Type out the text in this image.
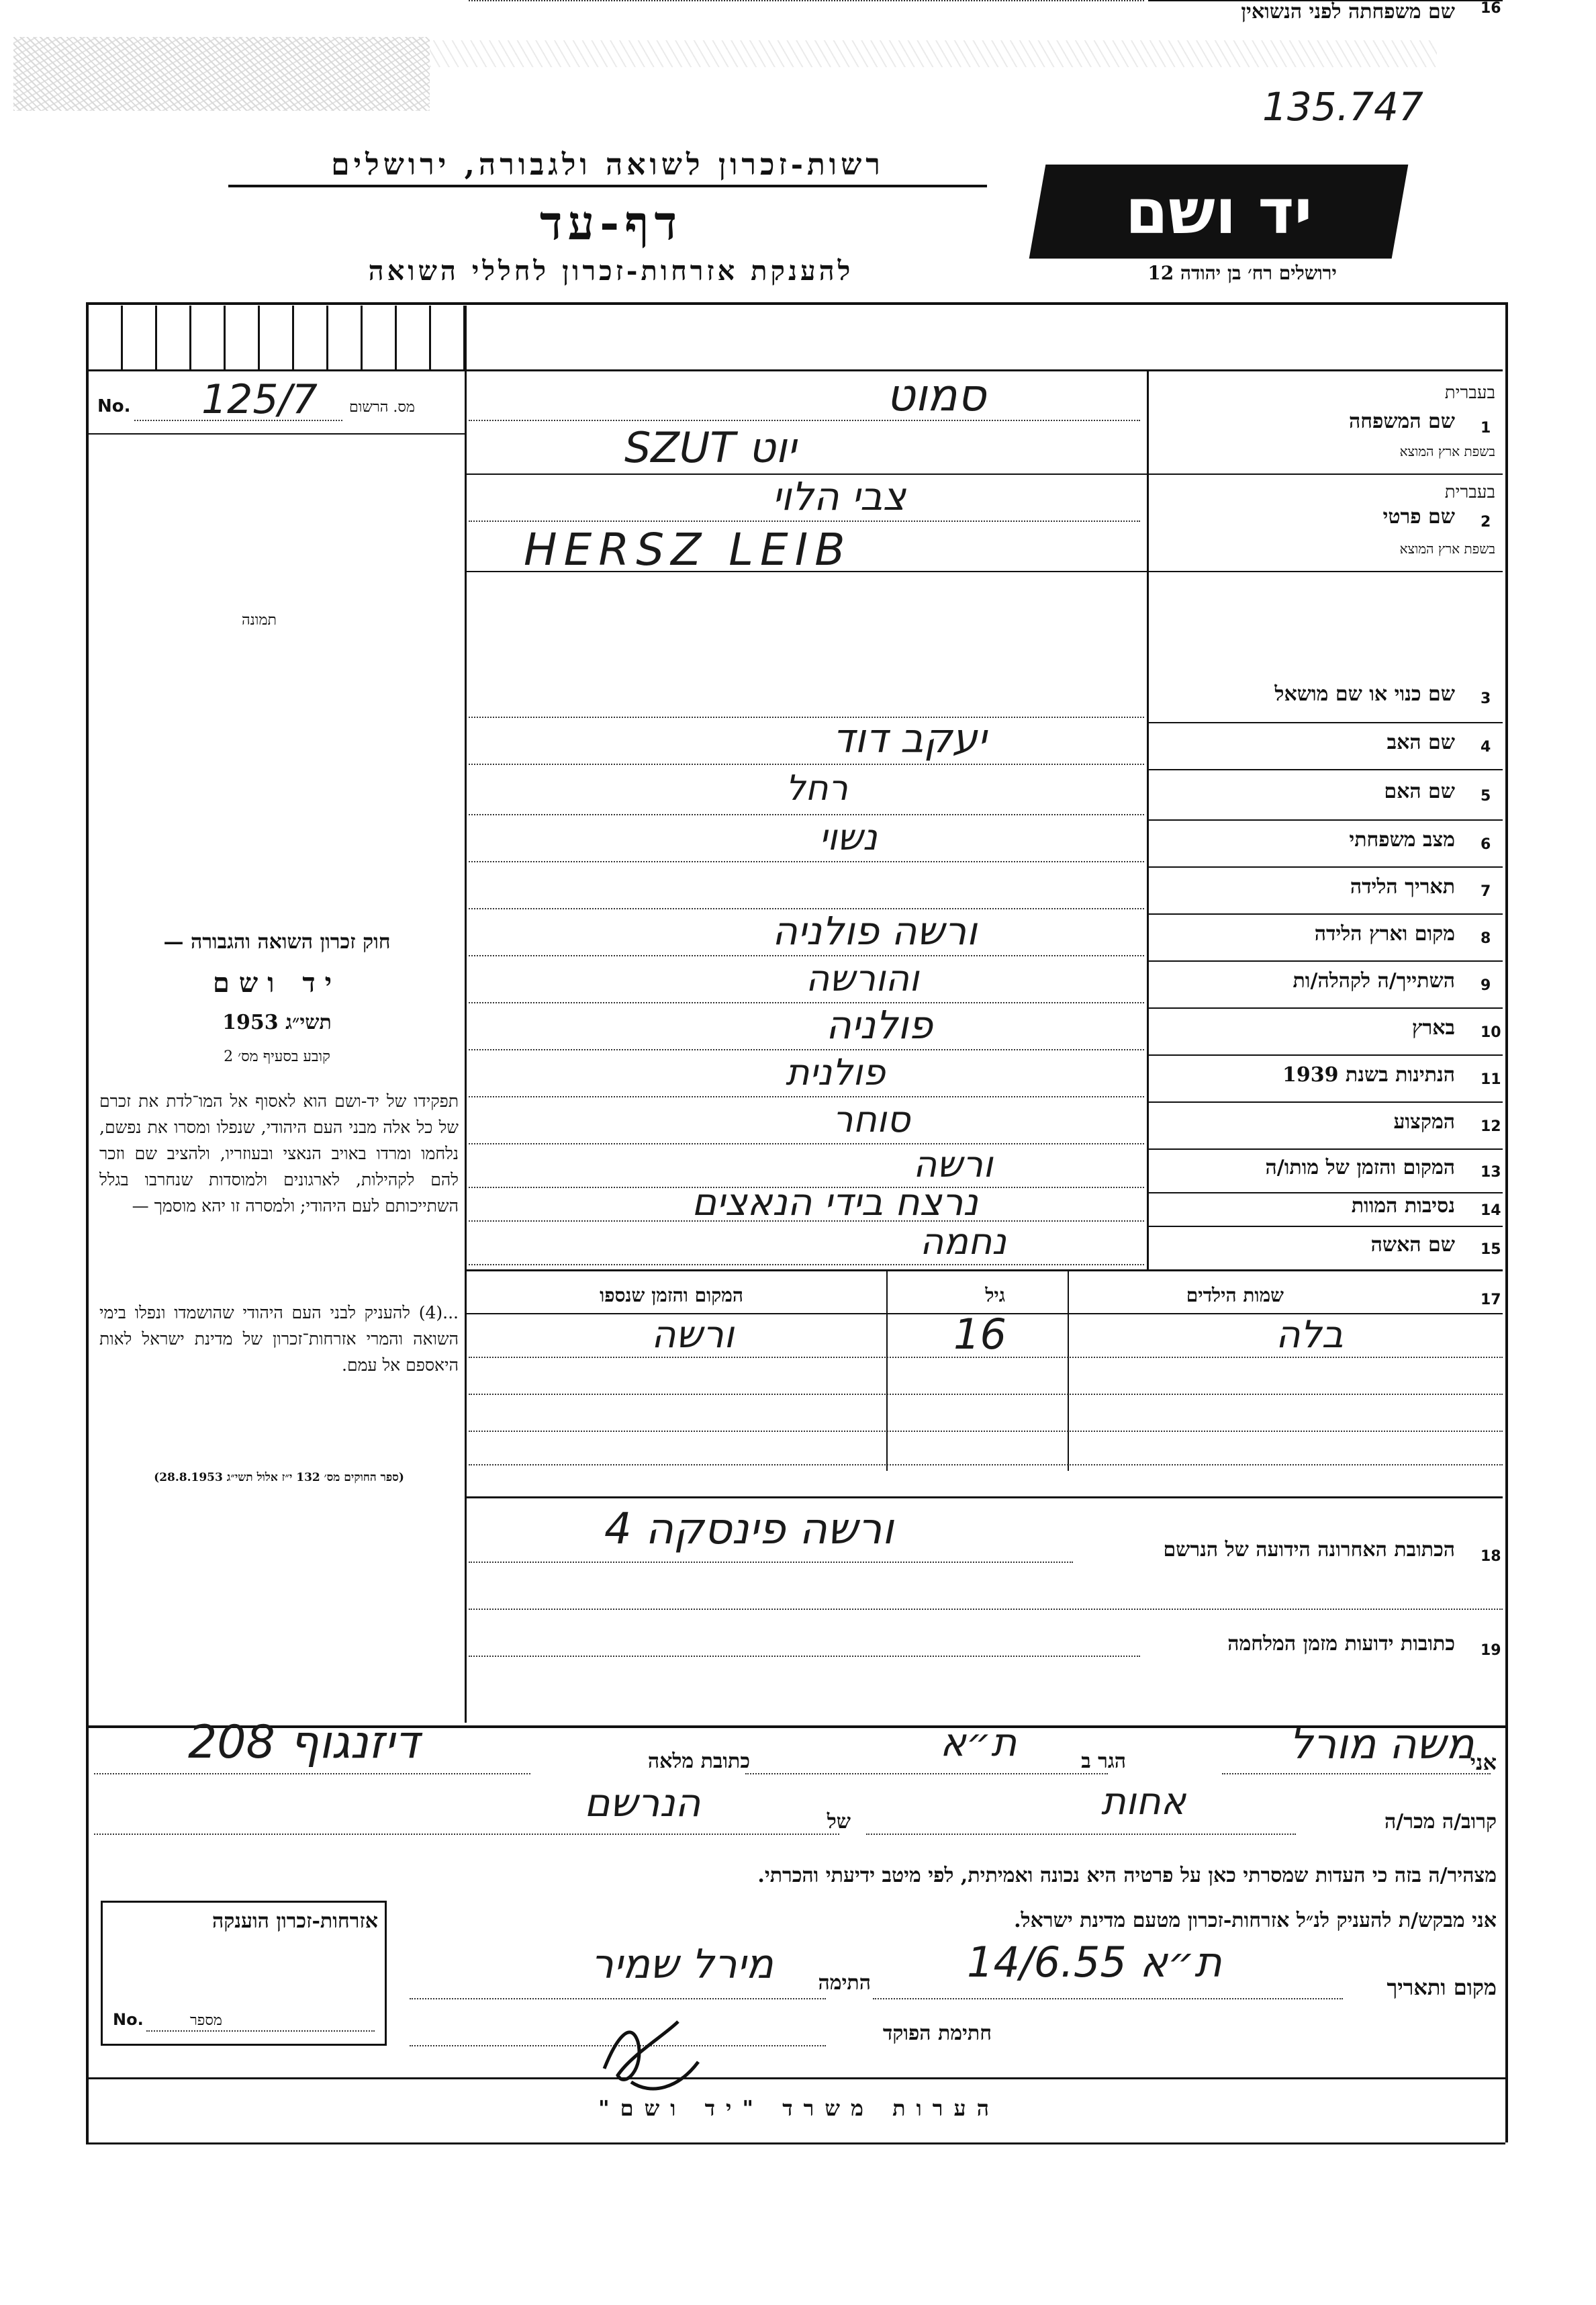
135.747
רשות-זכרון לשואה ולגבורה, ירושלים
דף-עד
להענקת אזרחות-זכרון לחללי השואה
יד ושם
ירושלים רח׳ בן יהודה 12
No.	מס. הרשום
125/7
תמונה
חוק זכרון השואה והגבורה —
יד ושם
תשי״ג 1953
קובע בסעיף מס׳ 2
תפקידו של יד-ושם הוא לאסוף אל המו־לדת את זכרם של כל אלה מבני העם היהודי, שנפלו ומסרו את נפשם, נלחמו ומרדו באויב הנאצי ובעוזריו, ולהציב שם וזכר להם לקהילות, לארגונים ולמוסדות שנחרבו בגלל השתייכותם לעם היהודי; ולמסרה זו יהא מוסמך —
...(4) להעניק לבני העם היהודי שהושמדו ונפלו בימי השואה והמרי אזרחות־זכרון של מדינת ישראל לאות היאספם אל עמם.
(ספר החוקים מס׳ 132 י״ז אלול תשי״ג 28.8.1953)
1
שם המשפחה
בעברית
בשפת ארץ המוצא
סמוט
SZUT יוט
2
שם פרטי
בעברית
בשפת ארץ המוצא
צבי הלוי
HERSZ LEIB
3
שם כנוי או שם מושאל
4
שם האב
יעקב דוד
5
שם האם
רחל
6
מצב משפחתי
נשוי
7
תאריך הלידה
8
מקום וארץ הלידה
ורשה פולניה
9
השתייך/ה לקהלה/ות
והורשה
10
בארץ
פולניה
11
הנתינות בשנת 1939
פולנית
12
המקצוע
סוחר
13
המקום והזמן של מותו/ה
ורשה
14
נסיבות המוות
נרצח בידי הנאצים
15
שם האשה
נחמה
16
שם משפחתה לפני הנשואין
17
שמות הילדים
גיל
המקום והזמן שנספו
בלה
16
ורשה
18
הכתובת האחרונה הידועה של הנרשם
ורשה פינסקה 4
19
כתובות ידועות מזמן המלחמה
אני
משה מורל
הגר ב
ת״א
כתובת מלאה
דיזנגוף 208
קרוב/ה מכר/ה
אחות
של
הנרשם
מצהיר/ה בזה כי העדות שמסרתי כאן על פרטיה היא נכונה ואמיתית, לפי מיטב ידיעתי והכרתי.
אני מבקש/ת להעניק לנ״ל אזרחות-זכרון מטעם מדינת ישראל.
מקום ותאריך
ת״א 14/6.55
התימה
מירל שמיר
חתימת הפוקד
אזרחות-זכרון הוענקה
No.	מספר
הערות משרד "יד ושם"
